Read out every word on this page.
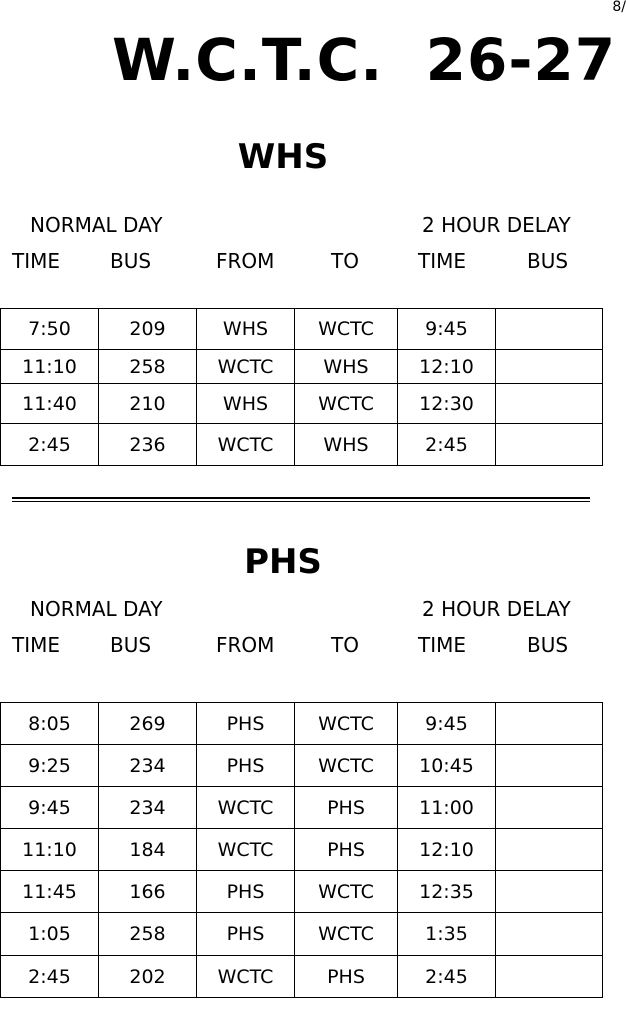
8/
W.C.T.C.  26-27
WHS
NORMAL DAY	2 HOUR DELAY
TIME BUS	FROM	TO	TIME	BUS
7:50	209	WHS	WCTC	9:45	
11:10	258	WCTC	WHS	12:10	
11:40	210	WHS	WCTC	12:30	
2:45	236	WCTC	WHS	2:45	
PHS
NORMAL DAY	2 HOUR DELAY
TIME BUS	FROM	TO	TIME	BUS
8:05	269	PHS	WCTC	9:45	
9:25	234	PHS	WCTC	10:45	
9:45	234	WCTC	PHS	11:00	
11:10	184	WCTC	PHS	12:10	
11:45	166	PHS	WCTC	12:35	
1:05	258	PHS	WCTC	1:35	
2:45	202	WCTC	PHS	2:45	
